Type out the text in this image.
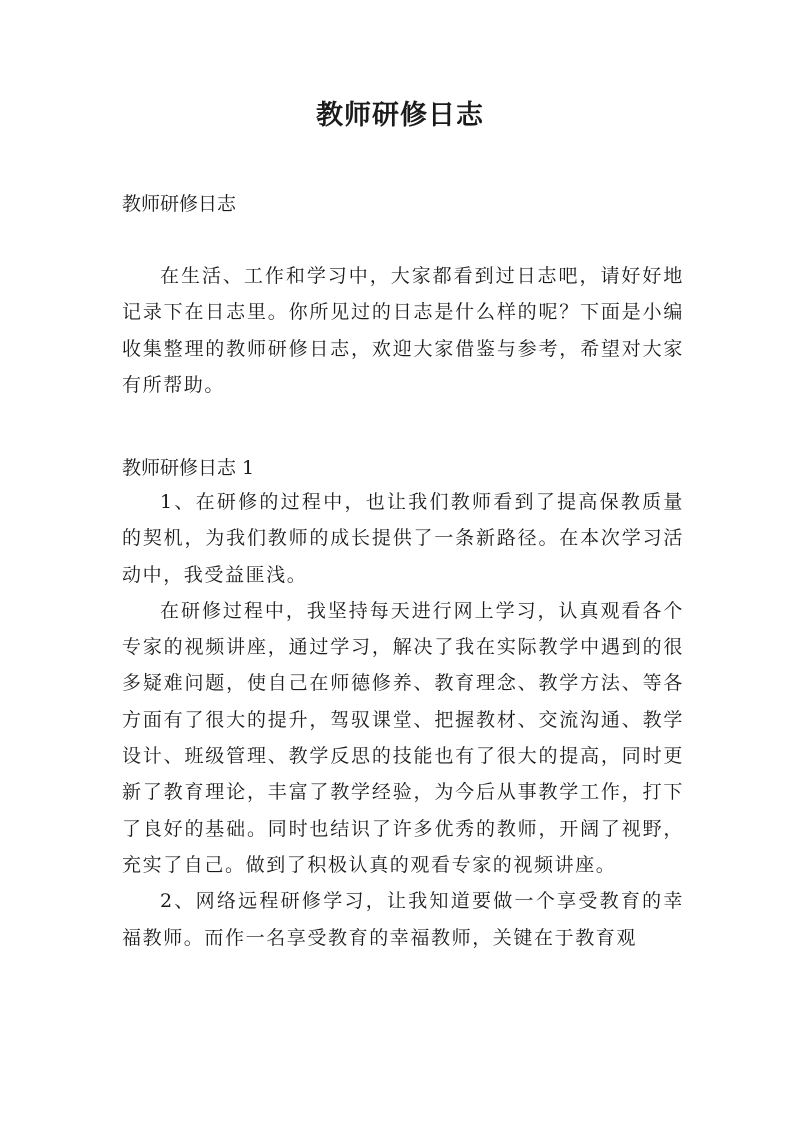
教师研修日志

教师研修日志

在生活、工作和学习中，大家都看到过日志吧，请好好地记录下在日志里。你所见过的日志是什么样的呢？下面是小编收集整理的教师研修日志，欢迎大家借鉴与参考，希望对大家有所帮助。

教师研修日志 1

1、在研修的过程中，也让我们教师看到了提高保教质量的契机，为我们教师的成长提供了一条新路径。在本次学习活动中，我受益匪浅。

在研修过程中，我坚持每天进行网上学习，认真观看各个专家的视频讲座，通过学习，解决了我在实际教学中遇到的很多疑难问题，使自己在师德修养、教育理念、教学方法、等各方面有了很大的提升，驾驭课堂、把握教材、交流沟通、教学设计、班级管理、教学反思的技能也有了很大的提高，同时更新了教育理论，丰富了教学经验，为今后从事教学工作，打下了良好的基础。同时也结识了许多优秀的教师，开阔了视野，充实了自己。做到了积极认真的观看专家的视频讲座。

2、网络远程研修学习，让我知道要做一个享受教育的幸福教师。而作一名享受教育的幸福教师，关键在于教育观
